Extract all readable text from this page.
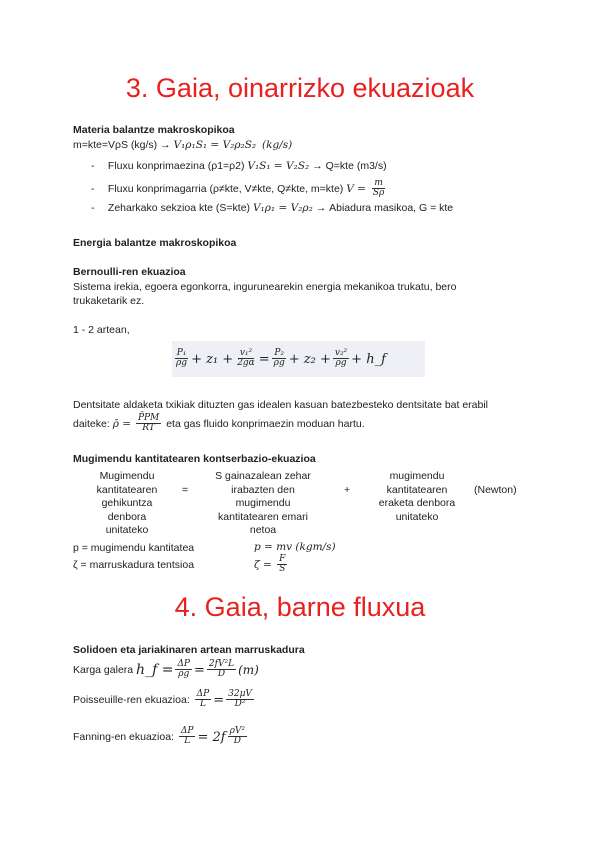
3. Gaia, oinarrizko ekuazioak
Materia balantze makroskopikoa
m=kte=VρS (kg/s) → V₁ρ₁S₁ = V₂ρ₂S₂ (kg/s)
- Fluxu konprimaezina (ρ1=ρ2) V₁S₁ = V₂S₂ → Q=kte (m3/s)
- Fluxu konprimagarria (ρ≠kte, V≠kte, Q≠kte, m=kte) $V = \frac{m}{S\rho}$
- Zeharkako sekzioa kte (S=kte) V₁ρ₁ = V₂ρ₂ → Abiadura masikoa, G = kte
Energia balantze makroskopikoa
Bernoulli-ren ekuazioa
Sistema irekia, egoera egonkorra, ingurunearekin energia mekanikoa trukatu, bero
trukaketarik ez.
1 - 2 artean,
$\frac{\text{P₁}}{\rho g} + z_1 + \frac{\text{v₁²}}{2g\alpha} = \frac{\text{P₂}}{\rho g} + z_2 + \frac{\text{v₂²}}{\rho g}$ + h_f
Dentsitate aldaketa txikiak dituzten gas idealen kasuan batezbesteko dentsitate bat erabil
daiteke: ρ̄ = $\frac{P̄PM}{RT}$ eta gas fluido konprimaezin moduan hartu.
Mugimendu kantitatearen kontserbazio-ekuazioa
Mugimendu
kantitatearen
gehikuntza
denbora
unitateko
=
S gainazalean zehar
irabazten den
mugimendu
kantitatearen emari
netoa
+
mugimendu
kantitatearen
eraketa denbora
unitateko
(Newton)
p = mugimendu kantitatea	p = mv (kgm/s)
ζ = marruskadura tentsioa	$\zeta = \frac{F}{S}$
4. Gaia, barne fluxua
Solidoen eta jariakinaren artean marruskadura
Karga galera
h_f = $\frac{\Delta P}{\rho g} = \frac{\text{2fV²L}}{D} (m)$
Poisseuille-ren ekuazioa:
$\frac{\Delta P}{L} = \frac{32\mu V}{\text{D²}}$
Fanning-en ekuazioa:
$\frac{\Delta P}{L} = 2f \frac{\text{ρV²}}{D}$
